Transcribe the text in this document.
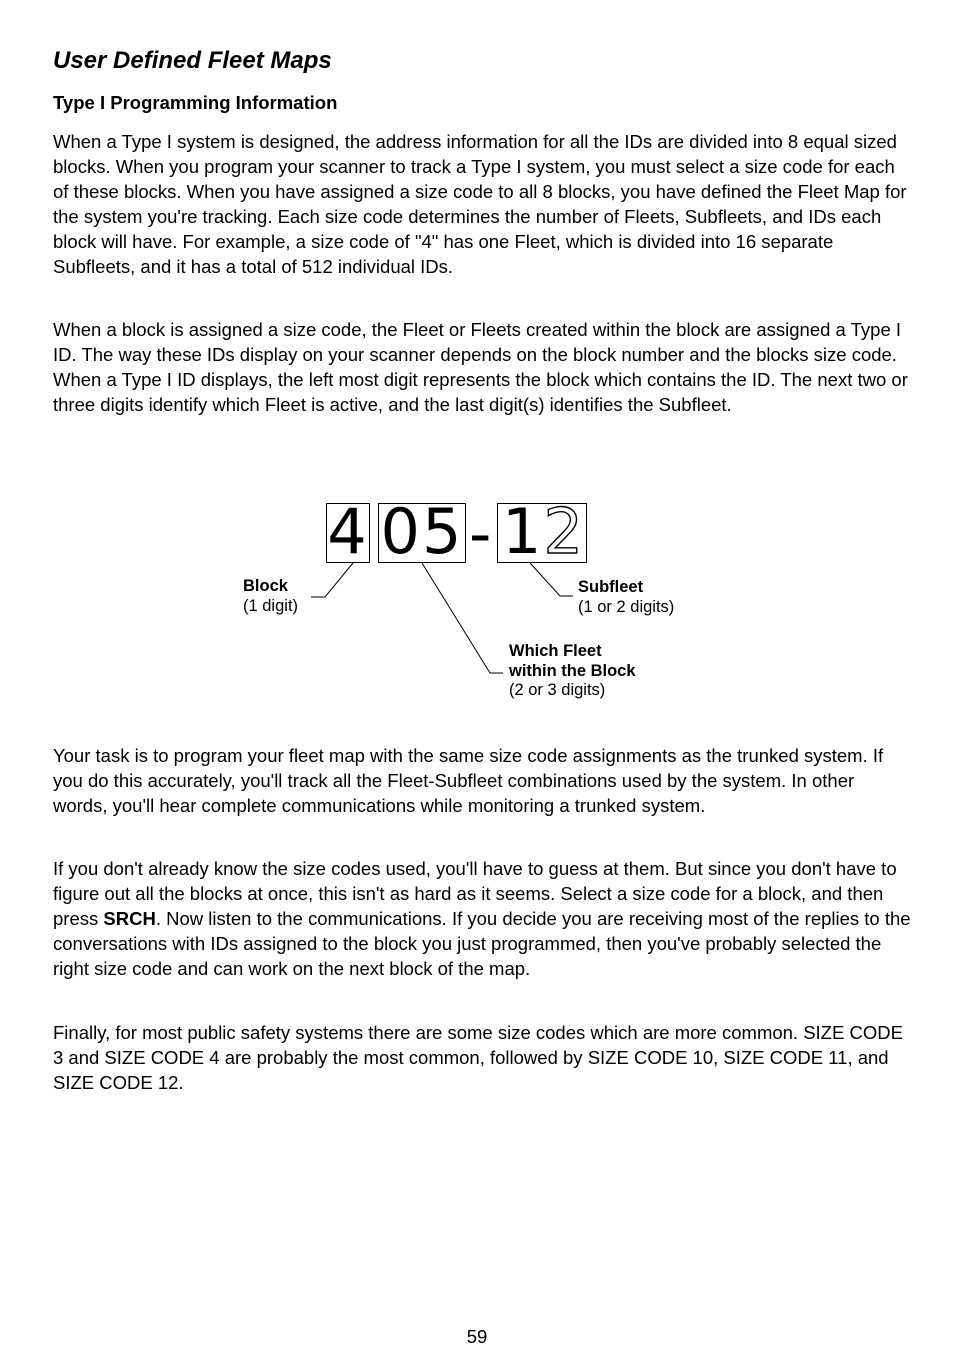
User Defined Fleet Maps
Type I Programming Information

When a Type I system is designed, the address information for all the IDs are divided into 8 equal sized blocks. When you program your scanner to track a Type I system, you must select a size code for each of these blocks. When you have assigned a size code to all 8 blocks, you have defined the Fleet Map for the system you're tracking. Each size code determines the number of Fleets, Subfleets, and IDs each block will have. For example, a size code of "4" has one Fleet, which is divided into 16 separate Subfleets, and it has a total of 512 individual IDs.

When a block is assigned a size code, the Fleet or Fleets created within the block are assigned a Type I ID. The way these IDs display on your scanner depends on the block number and the blocks size code. When a Type I ID displays, the left most digit represents the block which contains the ID. The next two or three digits identify which Fleet is active, and the last digit(s) identifies the Subfleet.

4 05 - 12
Block
(1 digit)
Subfleet
(1 or 2 digits)
Which Fleet
within the Block
(2 or 3 digits)

Your task is to program your fleet map with the same size code assignments as the trunked system. If you do this accurately, you'll track all the Fleet-Subfleet combinations used by the system. In other words, you'll hear complete communications while monitoring a trunked system.

If you don't already know the size codes used, you'll have to guess at them. But since you don't have to figure out all the blocks at once, this isn't as hard as it seems. Select a size code for a block, and then press SRCH. Now listen to the communications. If you decide you are receiving most of the replies to the conversations with IDs assigned to the block you just programmed, then you've probably selected the right size code and can work on the next block of the map.

Finally, for most public safety systems there are some size codes which are more common. SIZE CODE 3 and SIZE CODE 4 are probably the most common, followed by SIZE CODE 10, SIZE CODE 11, and SIZE CODE 12.

59
